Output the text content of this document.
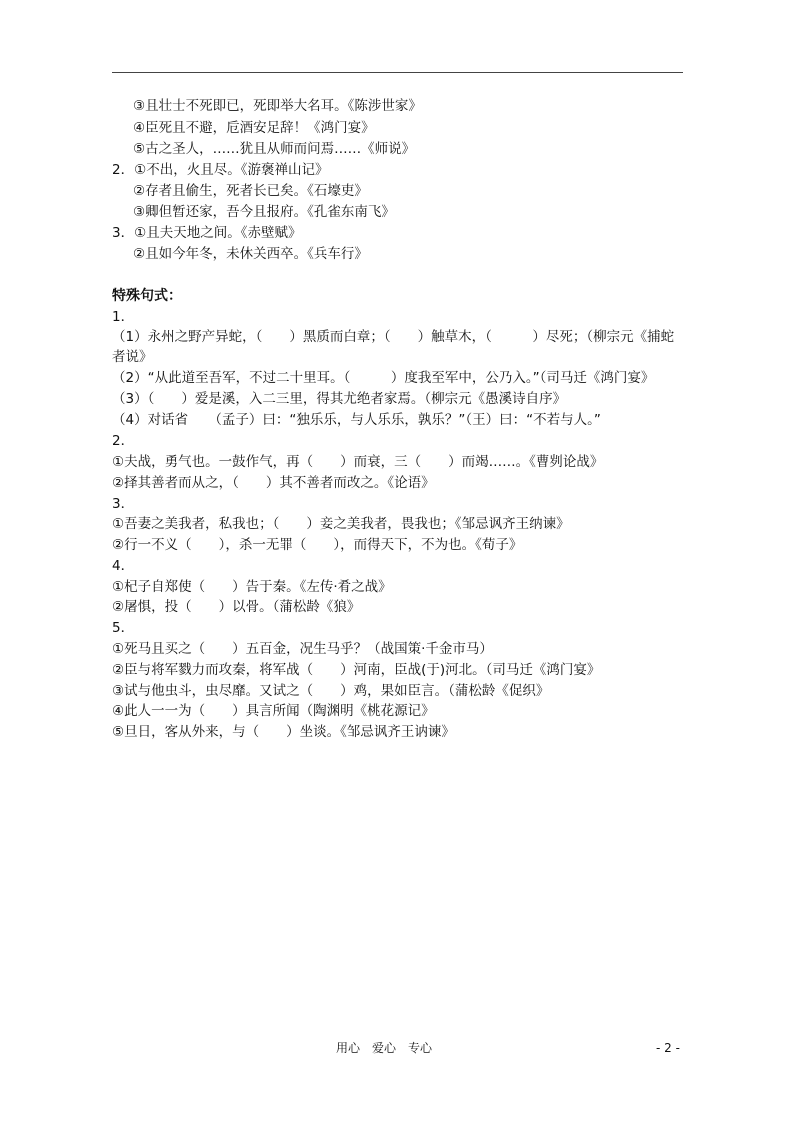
③且壮士不死即已，死即举大名耳。《陈涉世家》
④臣死且不避，卮酒安足辞！《鸿门宴》
⑤古之圣人，……犹且从师而问焉……《师说》
2．①不出，火且尽。《游褒禅山记》
②存者且偷生，死者长已矣。《石壕吏》
③卿但暂还家，吾今且报府。《孔雀东南飞》
3．①且夫天地之间。《赤壁赋》
②且如今年冬，未休关西卒。《兵车行》
特殊句式：
1．
（1）永州之野产异蛇，（　　）黑质而白章；（　　）触草木，（　　　）尽死；（柳宗元《捕蛇
者说》
（2）“从此道至吾军，不过二十里耳。（　　　）度我至军中，公乃入。”（司马迁《鸿门宴》
（3）（　　）爱是溪，入二三里，得其尤绝者家焉。（柳宗元《愚溪诗自序》
（4）对话省　　（孟子）曰：“独乐乐，与人乐乐，孰乐？”（王）曰：“不若与人。”
2．
①夫战，勇气也。一鼓作气，再（　　）而衰，三（　　）而竭……。《曹刿论战》
②择其善者而从之，（　　）其不善者而改之。《论语》
3．
①吾妻之美我者，私我也；（　　）妾之美我者，畏我也；《邹忌讽齐王纳谏》
②行一不义（　　），杀一无罪（　　），而得天下，不为也。《荀子》
4．
①杞子自郑使（　　）告于秦。《左传·肴之战》
②屠惧，投（　　）以骨。（蒲松龄《狼》
5．
①死马且买之（　　）五百金，况生马乎？（战国策·千金市马）
②臣与将军戮力而攻秦，将军战（　　）河南，臣战(于)河北。（司马迁《鸿门宴》
③试与他虫斗，虫尽靡。又试之（　　）鸡，果如臣言。（蒲松龄《促织》
④此人一一为（　　）具言所闻（陶渊明《桃花源记》
⑤旦日，客从外来，与（　　）坐谈。《邹忌讽齐王讷谏》
用心　爱心　专心	- 2 -
